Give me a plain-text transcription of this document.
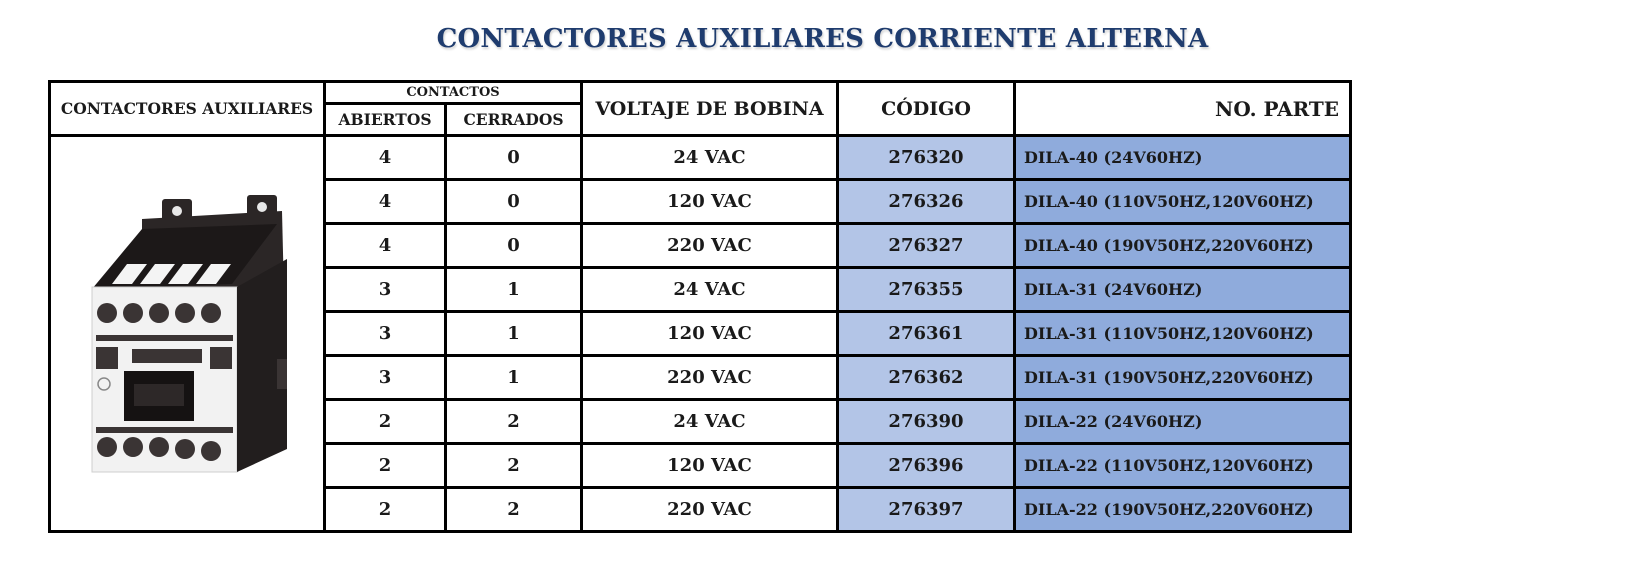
CONTACTORES AUXILIARES CORRIENTE ALTERNA
CONTACTORES AUXILIARES	CONTACTOS		VOLTAJE DE BOBINA	CÓDIGO	NO. PARTE
	ABIERTOS	CERRADOS			

	4	0	24 VAC	276320	DILA-40 (24V60HZ)
	4	0	120 VAC	276326	DILA-40 (110V50HZ,120V60HZ)
	4	0	220 VAC	276327	DILA-40 (190V50HZ,220V60HZ)
	3	1	24 VAC	276355	DILA-31 (24V60HZ)
	3	1	120 VAC	276361	DILA-31 (110V50HZ,120V60HZ)
	3	1	220 VAC	276362	DILA-31 (190V50HZ,220V60HZ)
	2	2	24 VAC	276390	DILA-22 (24V60HZ)
	2	2	120 VAC	276396	DILA-22 (110V50HZ,120V60HZ)
	2	2	220 VAC	276397	DILA-22 (190V50HZ,220V60HZ)
